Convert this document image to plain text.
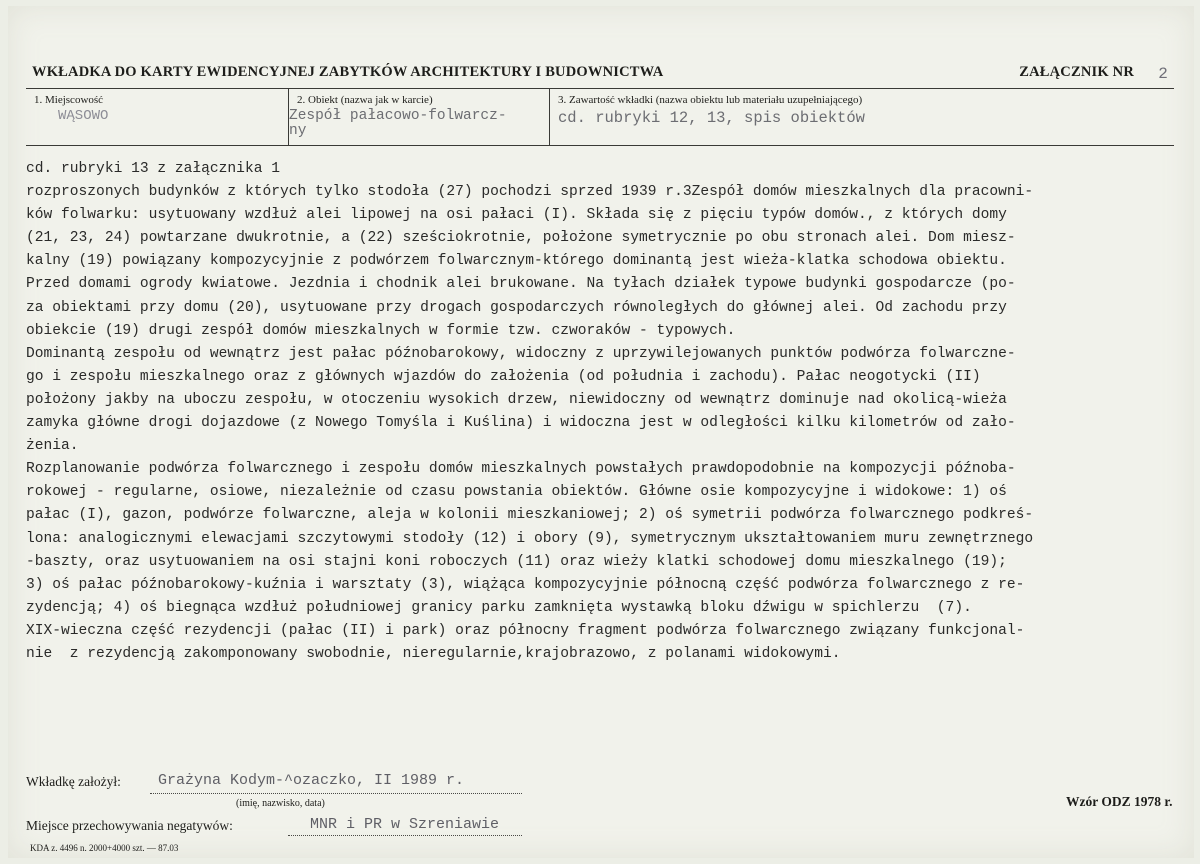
WKŁADKA DO KARTY EWIDENCYJNEJ ZABYTKÓW ARCHITEKTURY I BUDOWNICTWA	ZAŁĄCZNIK NR 2
1. Miejscowość
WĄSOWO
2. Obiekt (nazwa jak w karcie)
Zespół pałacowo-folwarcz-
ny
3. Zawartość wkładki (nazwa obiektu lub materiału uzupełniającego)
cd. rubryki 12, 13, spis obiektów
cd. rubryki 13 z załącznika 1
rozproszonych budynków z których tylko stodoła (27) pochodzi sprzed 1939 r.3Zespół domów mieszkalnych dla pracowni-
ków folwarku: usytuowany wzdłuż alei lipowej na osi pałaci (I). Składa się z pięciu typów domów., z których domy
(21, 23, 24) powtarzane dwukrotnie, a (22) sześciokrotnie, położone symetrycznie po obu stronach alei. Dom miesz-
kalny (19) powiązany kompozycyjnie z podwórzem folwarcznym-którego dominantą jest wieża-klatka schodowa obiektu.
Przed domami ogrody kwiatowe. Jezdnia i chodnik alei brukowane. Na tyłach działek typowe budynki gospodarcze (po-
za obiektami przy domu (20), usytuowane przy drogach gospodarczych równoległych do głównej alei. Od zachodu przy
obiekcie (19) drugi zespół domów mieszkalnych w formie tzw. czworaków - typowych.
Dominantą zespołu od wewnątrz jest pałac późnobarokowy, widoczny z uprzywilejowanych punktów podwórza folwarczne-
go i zespołu mieszkalnego oraz z głównych wjazdów do założenia (od południa i zachodu). Pałac neogotycki (II)
położony jakby na uboczu zespołu, w otoczeniu wysokich drzew, niewidoczny od wewnątrz dominuje nad okolicą-wieża
zamyka główne drogi dojazdowe (z Nowego Tomyśla i Kuślina) i widoczna jest w odległości kilku kilometrów od zało-
żenia.
Rozplanowanie podwórza folwarcznego i zespołu domów mieszkalnych powstałych prawdopodobnie na kompozycji późnoba-
rokowej - regularne, osiowe, niezależnie od czasu powstania obiektów. Główne osie kompozycyjne i widokowe: 1) oś
pałac (I), gazon, podwórze folwarczne, aleja w kolonii mieszkaniowej; 2) oś symetrii podwórza folwarcznego podkreś-
lona: analogicznymi elewacjami szczytowymi stodoły (12) i obory (9), symetrycznym ukształtowaniem muru zewnętrznego
-baszty, oraz usytuowaniem na osi stajni koni roboczych (11) oraz wieży klatki schodowej domu mieszkalnego (19);
3) oś pałac późnobarokowy-kuźnia i warsztaty (3), wiążąca kompozycyjnie północną część podwórza folwarcznego z re-
zydencją; 4) oś biegnąca wzdłuż południowej granicy parku zamknięta wystawką bloku dźwigu w spichlerzu  (7).
XIX-wieczna część rezydencji (pałac (II) i park) oraz północny fragment podwórza folwarcznego związany funkcjonal-
nie  z rezydencją zakomponowany swobodnie, nieregularnie,krajobrazowo, z polanami widokowymi.
Wkładkę założył: Grażyna Kodym-^ozaczko, II 1989 r.
(imię, nazwisko, data)	Wzór ODZ 1978 r.
Miejsce przechowywania negatywów:	MNR i PR w Szreniawie
KDA z. 4496 n. 2000+4000 szt. — 87.03
